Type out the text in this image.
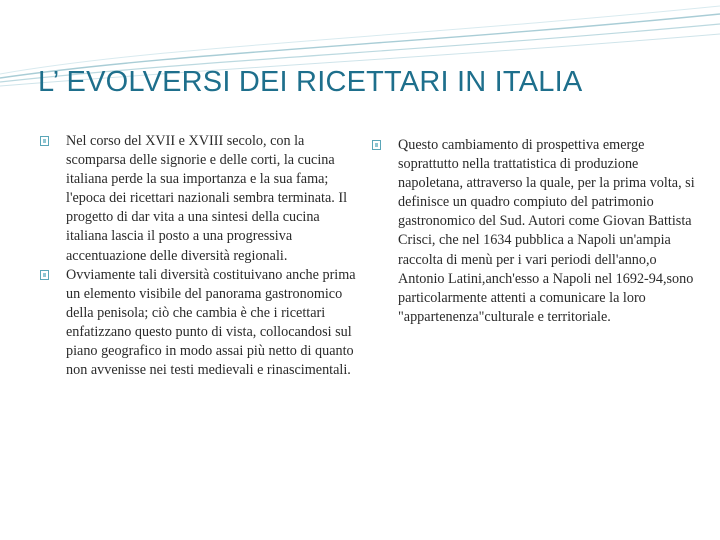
L’ EVOLVERSI DEI RICETTARI IN ITALIA
Nel corso del XVII e XVIII secolo, con la scomparsa delle signorie e delle corti, la cucina italiana perde la sua importanza e la sua fama; l'epoca dei ricettari nazionali sembra terminata. Il progetto di dar vita a una sintesi della cucina italiana lascia il posto a una progressiva accentuazione delle diversità regionali.
Ovviamente tali diversità costituivano anche prima un elemento visibile del panorama gastronomico della penisola; ciò che cambia è che i ricettari enfatizzano questo punto di vista, collocandosi sul piano geografico in modo assai più netto di quanto non avvenisse nei testi medievali e rinascimentali.
Questo cambiamento di prospettiva emerge soprattutto nella trattatistica di produzione napoletana, attraverso la quale, per la prima volta, si definisce un quadro compiuto del patrimonio gastronomico del Sud. Autori come Giovan Battista Crisci, che nel 1634 pubblica a Napoli un'ampia raccolta di menù per i vari periodi dell'anno,o Antonio Latini,anch'esso a Napoli nel 1692-94,sono particolarmente attenti a comunicare la loro "appartenenza"culturale e territoriale.
